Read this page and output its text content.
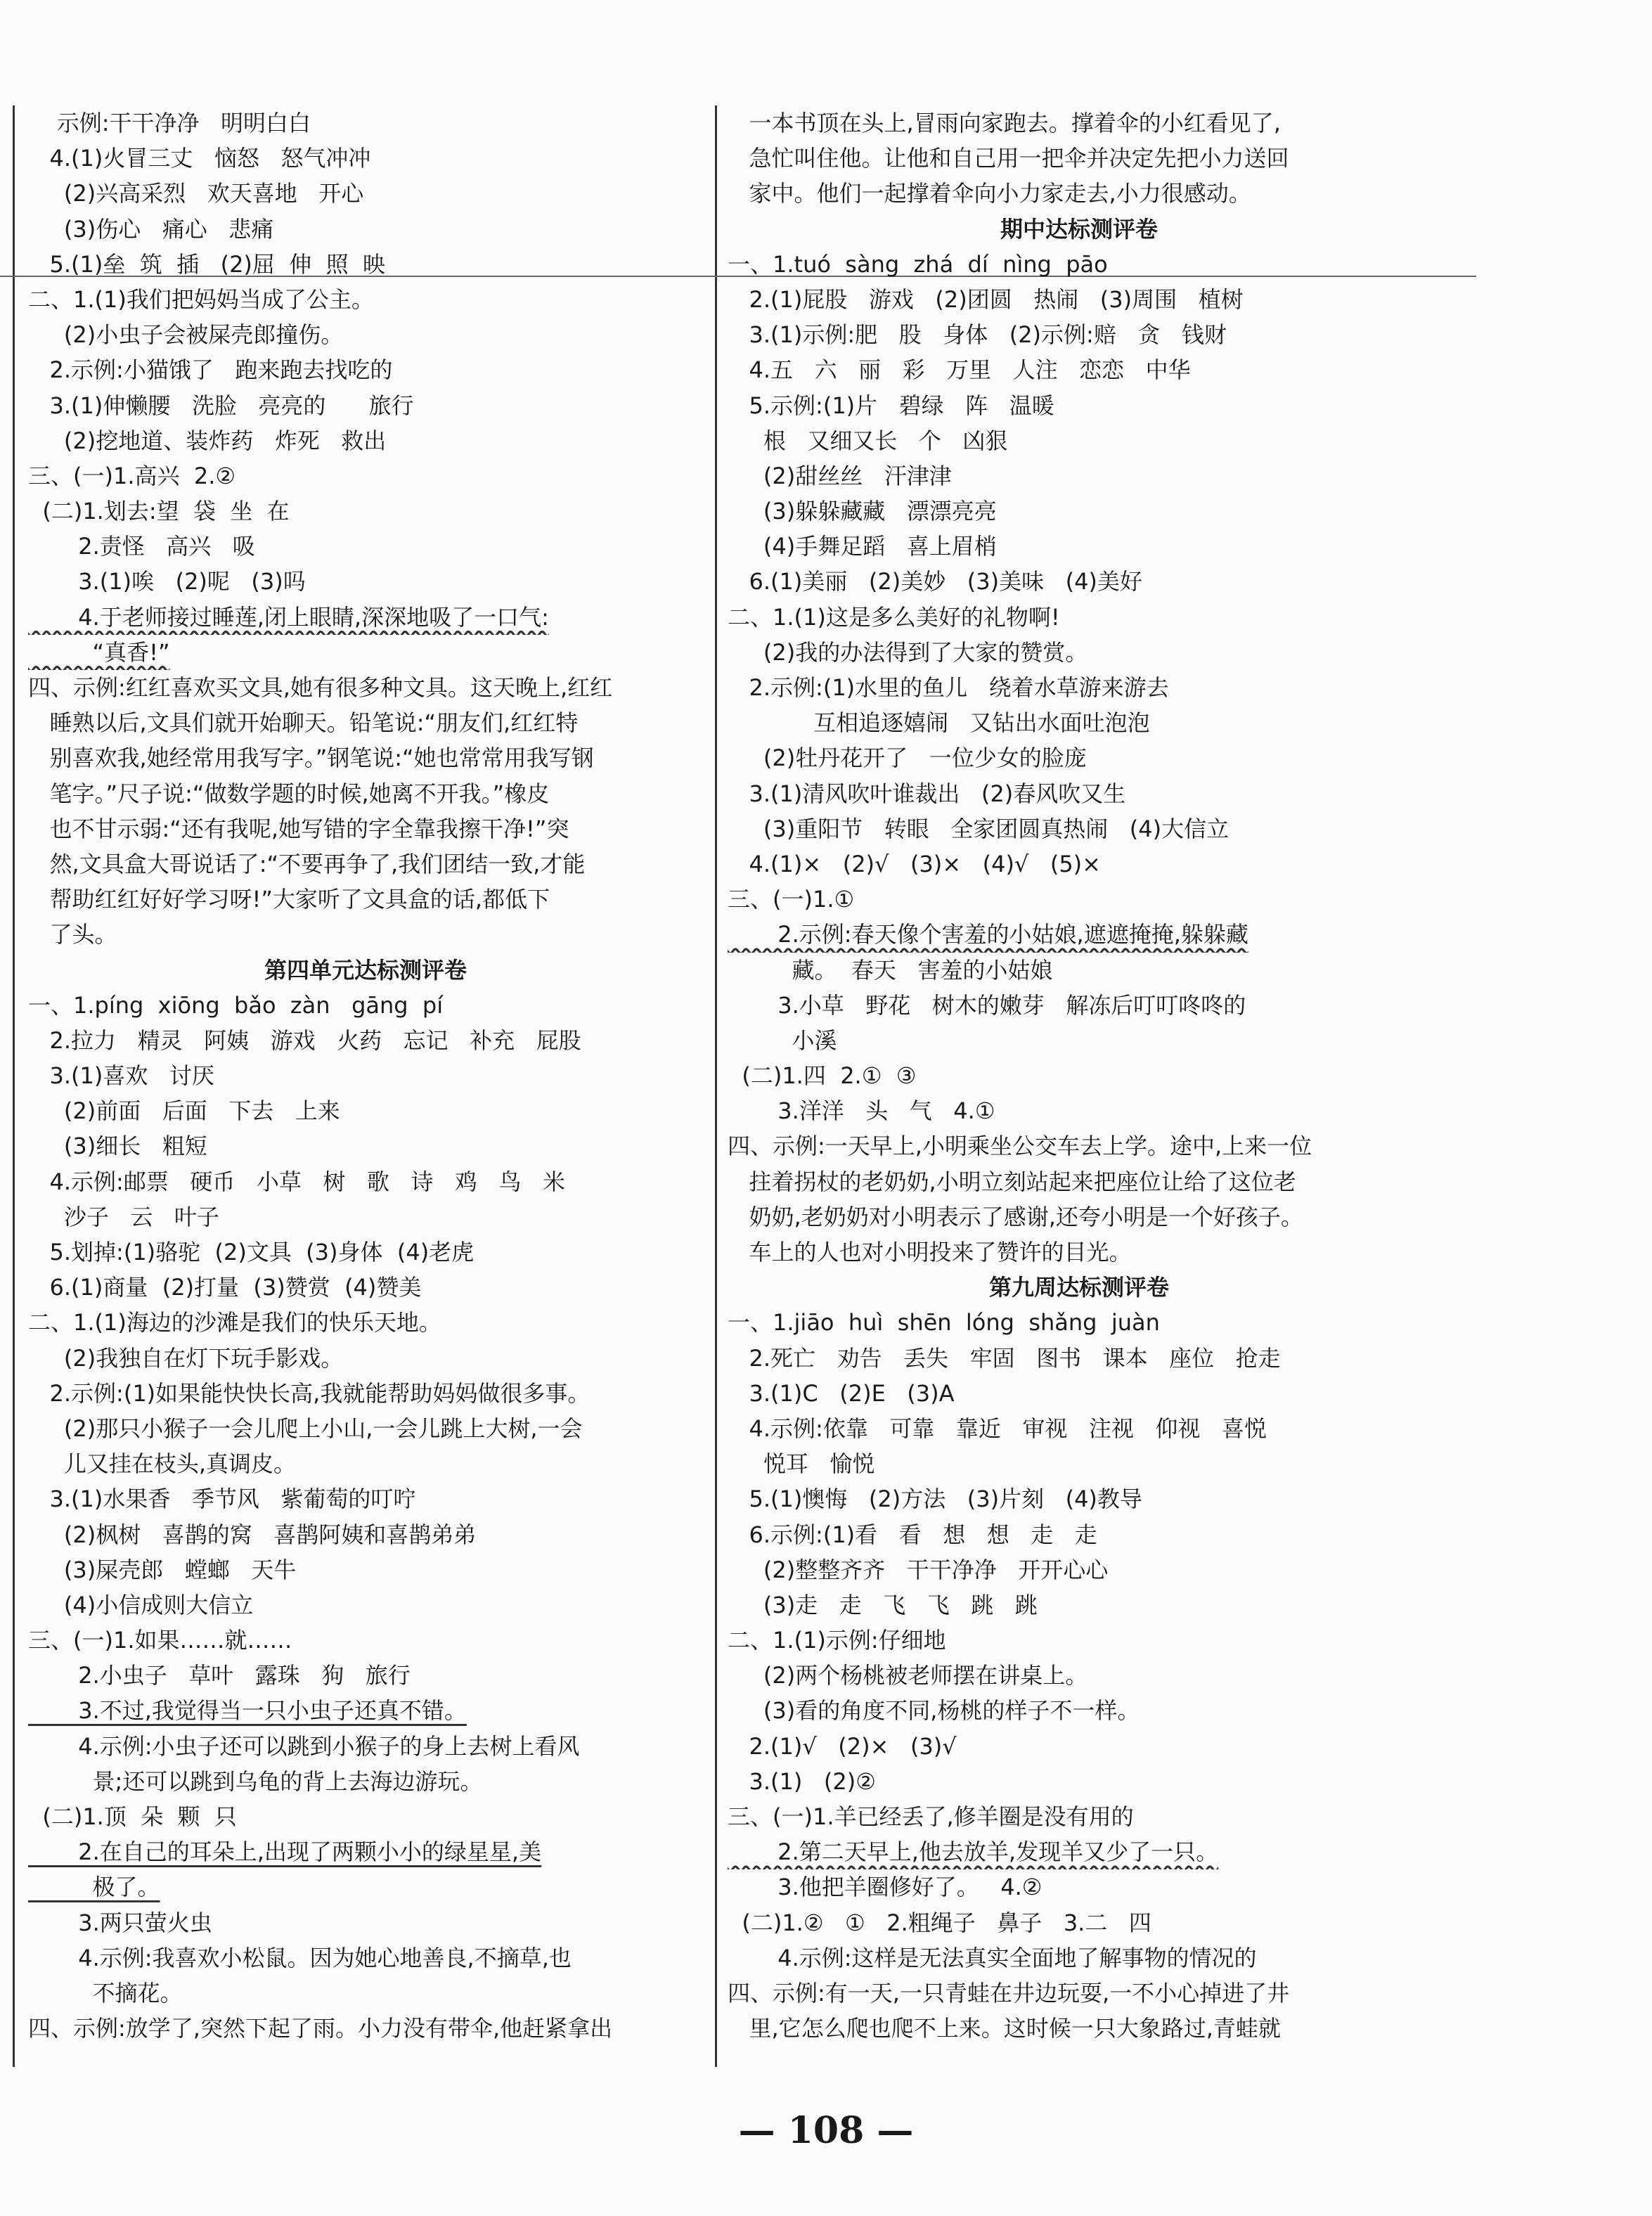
示例:干干净净   明明白白
4.(1)火冒三丈   恼怒   怒气冲冲
(2)兴高采烈   欢天喜地   开心
(3)伤心   痛心   悲痛
5.(1)垒  筑  插   (2)屈  伸  照  映
二、1.(1)我们把妈妈当成了公主。
(2)小虫子会被屎壳郎撞伤。
2.示例:小猫饿了   跑来跑去找吃的
3.(1)伸懒腰   洗脸   亮亮的      旅行
(2)挖地道、装炸药   炸死   救出
三、(一)1.高兴  2.②
(二)1.划去:望  袋  坐  在
2.责怪   高兴   吸
3.(1)唉   (2)呢   (3)吗
4.于老师接过睡莲,闭上眼睛,深深地吸了一口气:
“真香!”
四、示例:红红喜欢买文具,她有很多种文具。这天晚上,红红
睡熟以后,文具们就开始聊天。铅笔说:“朋友们,红红特
别喜欢我,她经常用我写字。”钢笔说:“她也常常用我写钢
笔字。”尺子说:“做数学题的时候,她离不开我。”橡皮
也不甘示弱:“还有我呢,她写错的字全靠我擦干净!”突
然,文具盒大哥说话了:“不要再争了,我们团结一致,才能
帮助红红好好学习呀!”大家听了文具盒的话,都低下
了头。
第四单元达标测评卷
一、1.píng  xiōng  bǎo  zàn   gāng  pí
2.拉力   精灵   阿姨   游戏   火药   忘记   补充   屁股
3.(1)喜欢   讨厌
(2)前面   后面   下去   上来
(3)细长   粗短
4.示例:邮票   硬币   小草   树   歌   诗   鸡   鸟   米
沙子   云   叶子
5.划掉:(1)骆驼  (2)文具  (3)身体  (4)老虎
6.(1)商量  (2)打量  (3)赞赏  (4)赞美
二、1.(1)海边的沙滩是我们的快乐天地。
(2)我独自在灯下玩手影戏。
2.示例:(1)如果能快快长高,我就能帮助妈妈做很多事。
(2)那只小猴子一会儿爬上小山,一会儿跳上大树,一会
儿又挂在枝头,真调皮。
3.(1)水果香   季节风   紫葡萄的叮咛
(2)枫树   喜鹊的窝   喜鹊阿姨和喜鹊弟弟
(3)屎壳郎   螳螂   天牛
(4)小信成则大信立
三、(一)1.如果……就……
2.小虫子   草叶   露珠   狗   旅行
3.不过,我觉得当一只小虫子还真不错。
4.示例:小虫子还可以跳到小猴子的身上去树上看风
景;还可以跳到乌龟的背上去海边游玩。
(二)1.顶  朵  颗  只
2.在自己的耳朵上,出现了两颗小小的绿星星,美
极了。
3.两只萤火虫
4.示例:我喜欢小松鼠。因为她心地善良,不摘草,也
不摘花。
四、示例:放学了,突然下起了雨。小力没有带伞,他赶紧拿出
一本书顶在头上,冒雨向家跑去。撑着伞的小红看见了,
急忙叫住他。让他和自己用一把伞并决定先把小力送回
家中。他们一起撑着伞向小力家走去,小力很感动。
期中达标测评卷
一、1.tuó  sàng  zhá  dí  nìng  pāo
2.(1)屁股   游戏   (2)团圆   热闹   (3)周围   植树
3.(1)示例:肥   股   身体   (2)示例:赔   贪   钱财
4.五   六   丽   彩   万里   人注   恋恋   中华
5.示例:(1)片   碧绿   阵   温暖
根   又细又长   个   凶狠
(2)甜丝丝   汗津津
(3)躲躲藏藏   漂漂亮亮
(4)手舞足蹈   喜上眉梢
6.(1)美丽   (2)美妙   (3)美味   (4)美好
二、1.(1)这是多么美好的礼物啊!
(2)我的办法得到了大家的赞赏。
2.示例:(1)水里的鱼儿   绕着水草游来游去
互相追逐嬉闹   又钻出水面吐泡泡
(2)牡丹花开了   一位少女的脸庞
3.(1)清风吹叶谁裁出   (2)春风吹又生
(3)重阳节   转眼   全家团圆真热闹   (4)大信立
4.(1)×   (2)√   (3)×   (4)√   (5)×
三、(一)1.①
2.示例:春天像个害羞的小姑娘,遮遮掩掩,躲躲藏
藏。  春天   害羞的小姑娘
3.小草   野花   树木的嫩芽   解冻后叮叮咚咚的
小溪
(二)1.四  2.①  ③
3.洋洋   头   气   4.①
四、示例:一天早上,小明乘坐公交车去上学。途中,上来一位
拄着拐杖的老奶奶,小明立刻站起来把座位让给了这位老
奶奶,老奶奶对小明表示了感谢,还夸小明是一个好孩子。
车上的人也对小明投来了赞许的目光。
第九周达标测评卷
一、1.jiāo  huì  shēn  lóng  shǎng  juàn
2.死亡   劝告   丢失   牢固   图书   课本   座位   抢走
3.(1)C   (2)E   (3)A
4.示例:依靠   可靠   靠近   审视   注视   仰视   喜悦
悦耳   愉悦
5.(1)懊悔   (2)方法   (3)片刻   (4)教导
6.示例:(1)看   看   想   想   走   走
(2)整整齐齐   干干净净   开开心心
(3)走   走   飞   飞   跳   跳
二、1.(1)示例:仔细地
(2)两个杨桃被老师摆在讲桌上。
(3)看的角度不同,杨桃的样子不一样。
2.(1)√   (2)×   (3)√
3.(1)   (2)②
三、(一)1.羊已经丢了,修羊圈是没有用的
2.第二天早上,他去放羊,发现羊又少了一只。
3.他把羊圈修好了。   4.②
(二)1.②   ①   2.粗绳子   鼻子   3.二   四
4.示例:这样是无法真实全面地了解事物的情况的
四、示例:有一天,一只青蛙在井边玩耍,一不小心掉进了井
里,它怎么爬也爬不上来。这时候一只大象路过,青蛙就
— 108 —
